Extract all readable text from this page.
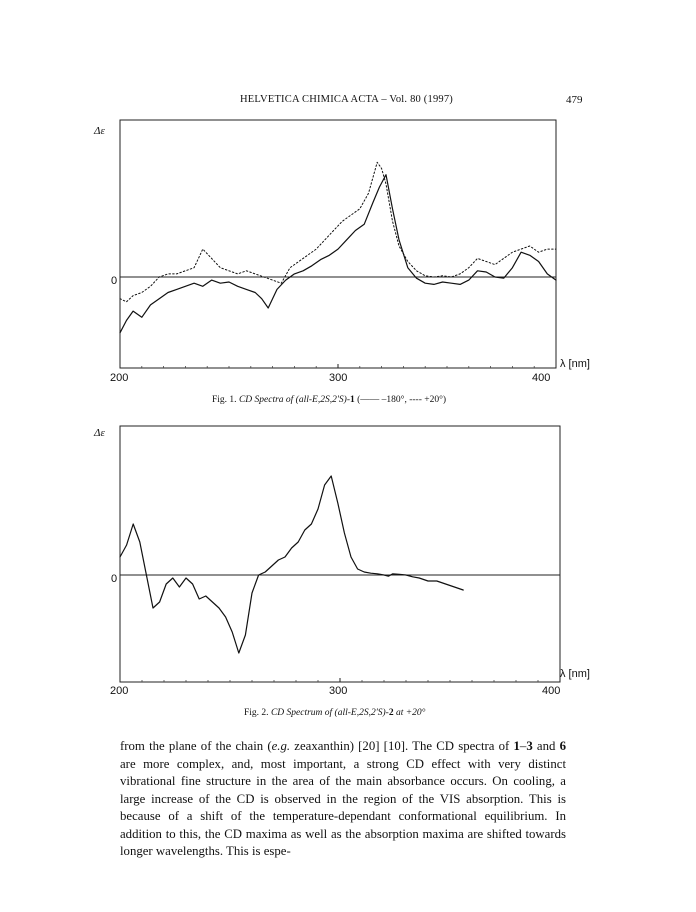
HELVETICA CHIMICA ACTA – Vol. 80 (1997)	479
Δε
0
λ [nm]
200	300	400
Fig. 1. CD Spectra of (all-E,2S,2′S)-1 (—— –180°, ---- +20°)
Δε
0
λ [nm]
200	300	400
Fig. 2. CD Spectrum of (all-E,2S,2′S)-2 at +20°

from the plane of the chain (e.g. zeaxanthin) [20] [10]. The CD spectra of 1–3 and 6 are more complex, and, most important, a strong CD effect with very distinct vibrational fine structure in the area of the main absorbance occurs. On cooling, a large increase of the CD is observed in the region of the VIS absorption. This is because of a shift of the temperature-dependant conformational equilibrium. In addition to this, the CD maxima as well as the absorption maxima are shifted towards longer wavelengths. This is espe-
